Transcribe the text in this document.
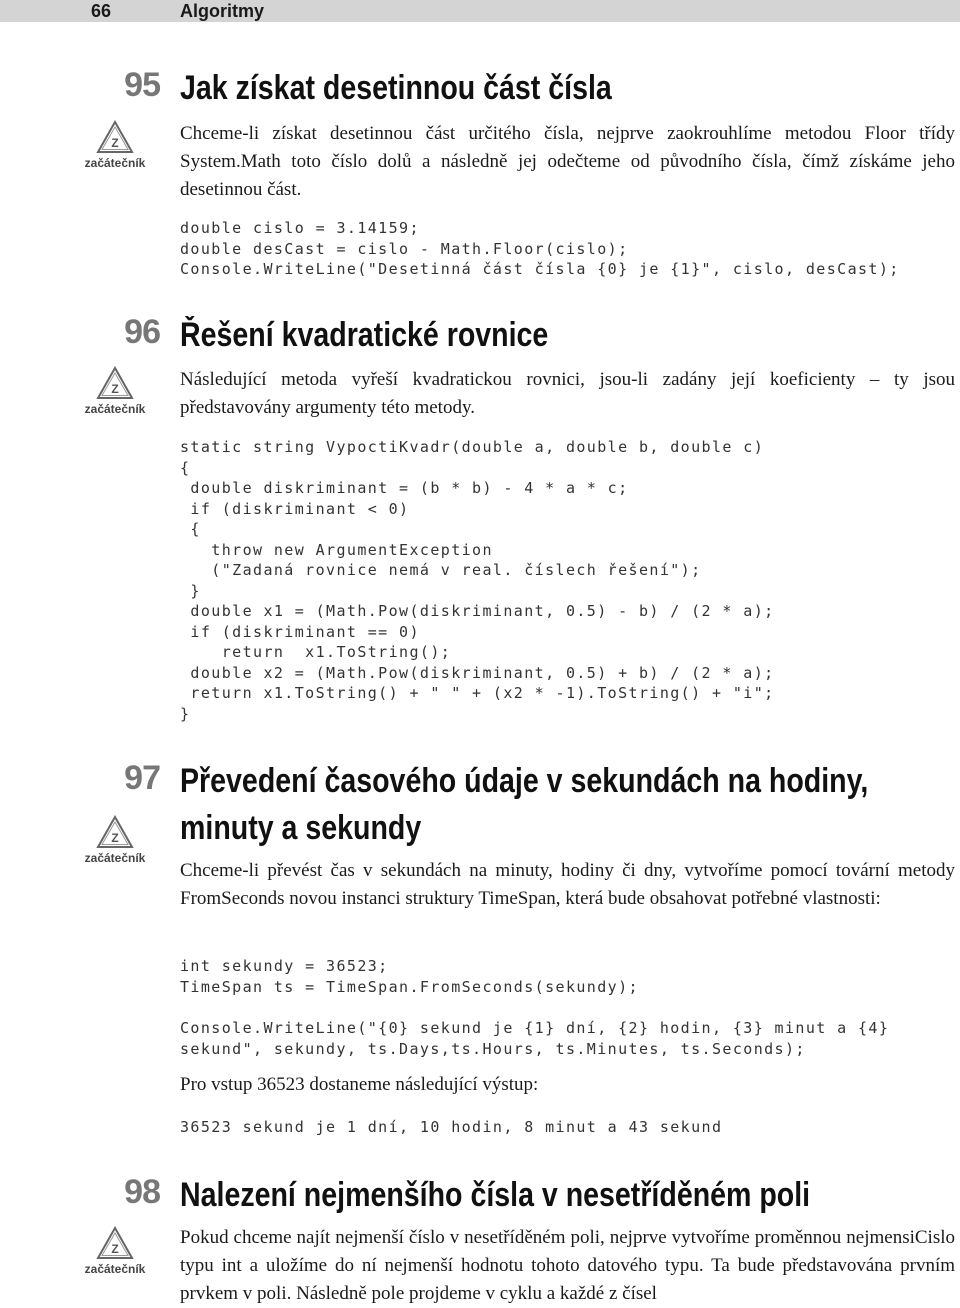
66	Algoritmy
95 Jak získat desetinnou část čísla
Z
začátečník
Chceme-li získat desetinnou část určitého čísla, nejprve zaokrouhlíme metodou Floor třídy System.Math toto číslo dolů a následně jej odečteme od původního čísla, čímž získáme jeho desetinnou část.
double cislo = 3.14159;
double desCast = cislo - Math.Floor(cislo);
Console.WriteLine("Desetinná část čísla {0} je {1}", cislo, desCast);
96 Řešení kvadratické rovnice
Z
začátečník
Následující metoda vyřeší kvadratickou rovnici, jsou-li zadány její koeficienty – ty jsou představovány argumenty této metody.
static string VypoctiKvadr(double a, double b, double c)
{
double diskriminant = (b * b) - 4 * a * c;
if (diskriminant < 0)
{
throw new ArgumentException
("Zadaná rovnice nemá v real. číslech řešení");
}
double x1 = (Math.Pow(diskriminant, 0.5) - b) / (2 * a);
if (diskriminant == 0)
return  x1.ToString();
double x2 = (Math.Pow(diskriminant, 0.5) + b) / (2 * a);
return x1.ToString() + " " + (x2 * -1).ToString() + "i";
}
97 Převedení časového údaje v sekundách na hodiny,
minuty a sekundy
Z
začátečník
Chceme-li převést čas v sekundách na minuty, hodiny či dny, vytvoříme pomocí tovární metody FromSeconds novou instanci struktury TimeSpan, která bude obsahovat potřebné vlastnosti:
int sekundy = 36523;
TimeSpan ts = TimeSpan.FromSeconds(sekundy);
Console.WriteLine("{0} sekund je {1} dní, {2} hodin, {3} minut a {4}
sekund", sekundy, ts.Days,ts.Hours, ts.Minutes, ts.Seconds);
Pro vstup 36523 dostaneme následující výstup:
36523 sekund je 1 dní, 10 hodin, 8 minut a 43 sekund
98 Nalezení nejmenšího čísla v nesetříděném poli
Z
začátečník
Pokud chceme najít nejmenší číslo v nesetříděném poli, nejprve vytvoříme proměnnou nejmensiCislo typu int a uložíme do ní nejmenší hodnotu tohoto datového typu. Ta bude představována prvním prvkem v poli. Následně pole projdeme v cyklu a každé z čísel
